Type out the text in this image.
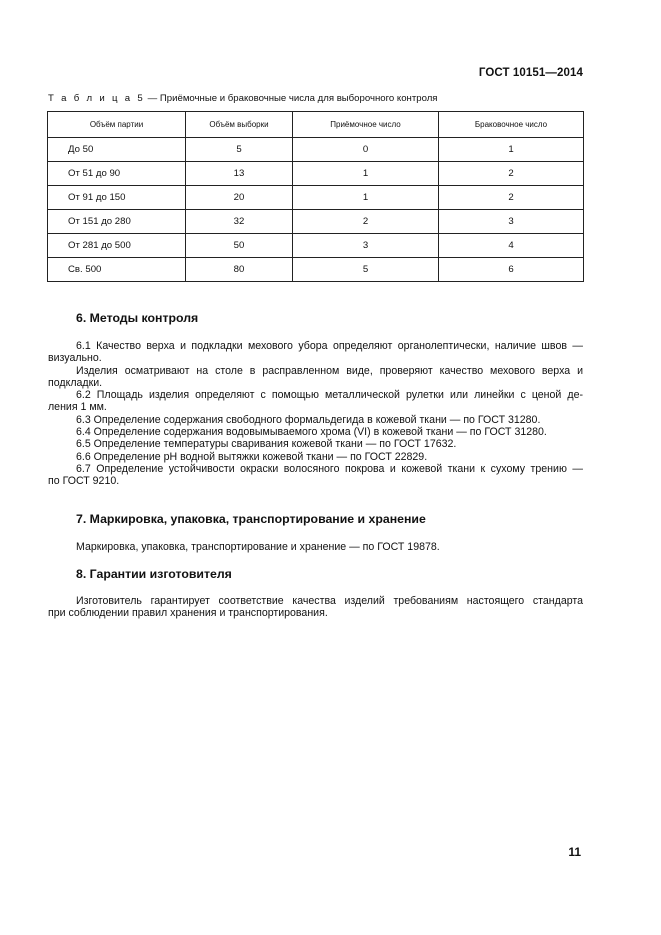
ГОСТ 10151—2014
Т а б л и ц а 5 — Приёмочные и браковочные числа для выборочного контроля
Объём партии	Объём выборки	Приёмочное число	Браковочное число
До 50	5	0	1
От 51 до 90	13	1	2
От 91 до 150	20	1	2
От 151 до 280	32	2	3
От 281 до 500	50	3	4
Св. 500	80	5	6
6. Методы контроля
6.1 Качество верха и подкладки мехового убора определяют органолептически, наличие швов —
визуально.
Изделия осматривают на столе в расправленном виде, проверяют качество мехового верха и
подкладки.
6.2 Площадь изделия определяют с помощью металлической рулетки или линейки с ценой де-
ления 1 мм.
6.3 Определение содержания свободного формальдегида в кожевой ткани — по ГОСТ 31280.
6.4 Определение содержания водовымываемого хрома (VI) в кожевой ткани — по ГОСТ 31280.
6.5 Определение температуры сваривания кожевой ткани — по ГОСТ 17632.
6.6 Определение pH водной вытяжки кожевой ткани — по ГОСТ 22829.
6.7 Определение устойчивости окраски волосяного покрова и кожевой ткани к сухому трению —
по ГОСТ 9210.
7. Маркировка, упаковка, транспортирование и хранение
Маркировка, упаковка, транспортирование и хранение — по ГОСТ 19878.
8. Гарантии изготовителя
Изготовитель гарантирует соответствие качества изделий требованиям настоящего стандарта
при соблюдении правил хранения и транспортирования.
11
